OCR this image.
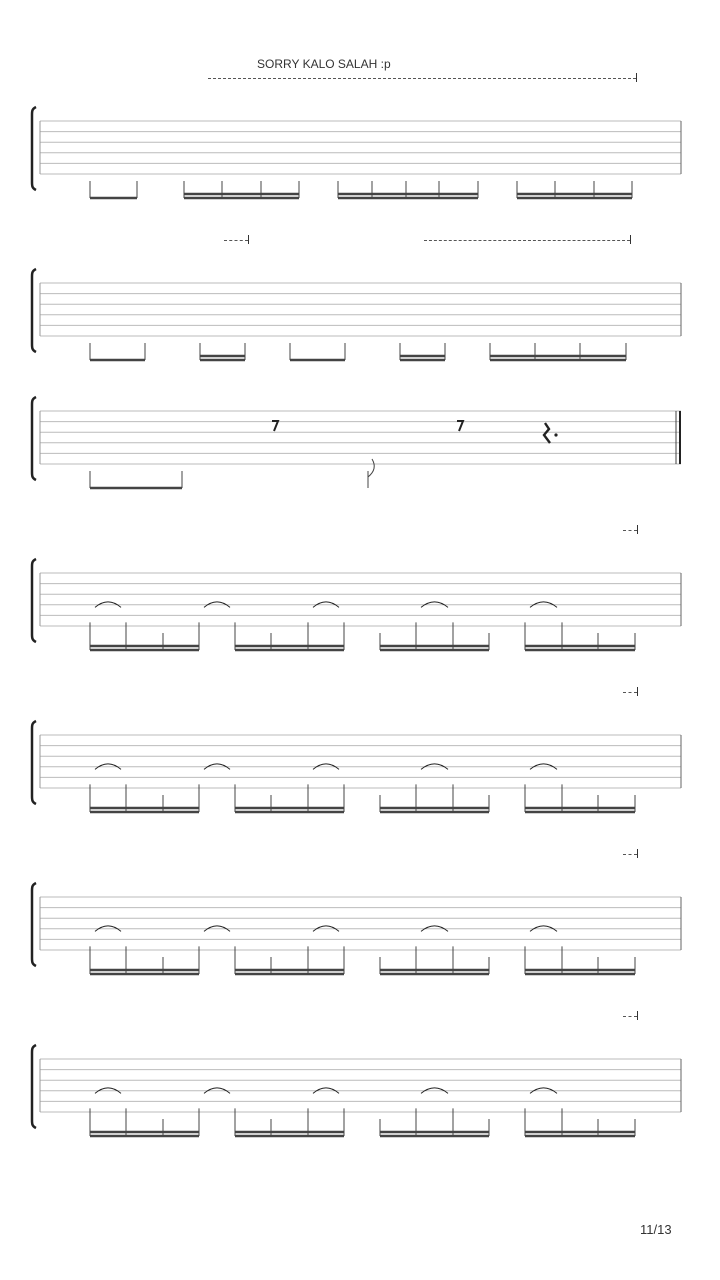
SORRY KALO SALAH :p
11/13
